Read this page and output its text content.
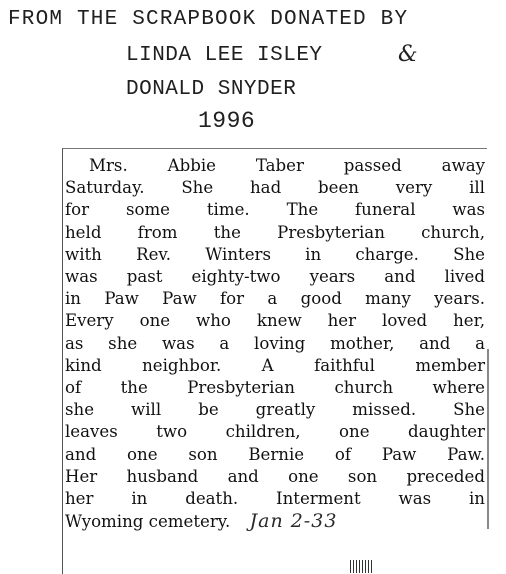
FROM THE SCRAPBOOK DONATED BY
LINDA LEE ISLEY	&
DONALD SNYDER
1996
Mrs. Abbie Taber passed away
Saturday. She had been very ill
for some time. The funeral was
held from the Presbyterian church,
with Rev. Winters in charge. She
was past eighty-two years and lived
in Paw Paw for a good many years.
Every one who knew her loved her,
as she was a loving mother, and a
kind neighbor. A faithful member
of the Presbyterian church where
she will be greatly missed. She
leaves two children, one daughter
and one son Bernie of Paw Paw.
Her husband and one son preceded
her in death. Interment was in
Wyoming cemetery. Jan 2-33
